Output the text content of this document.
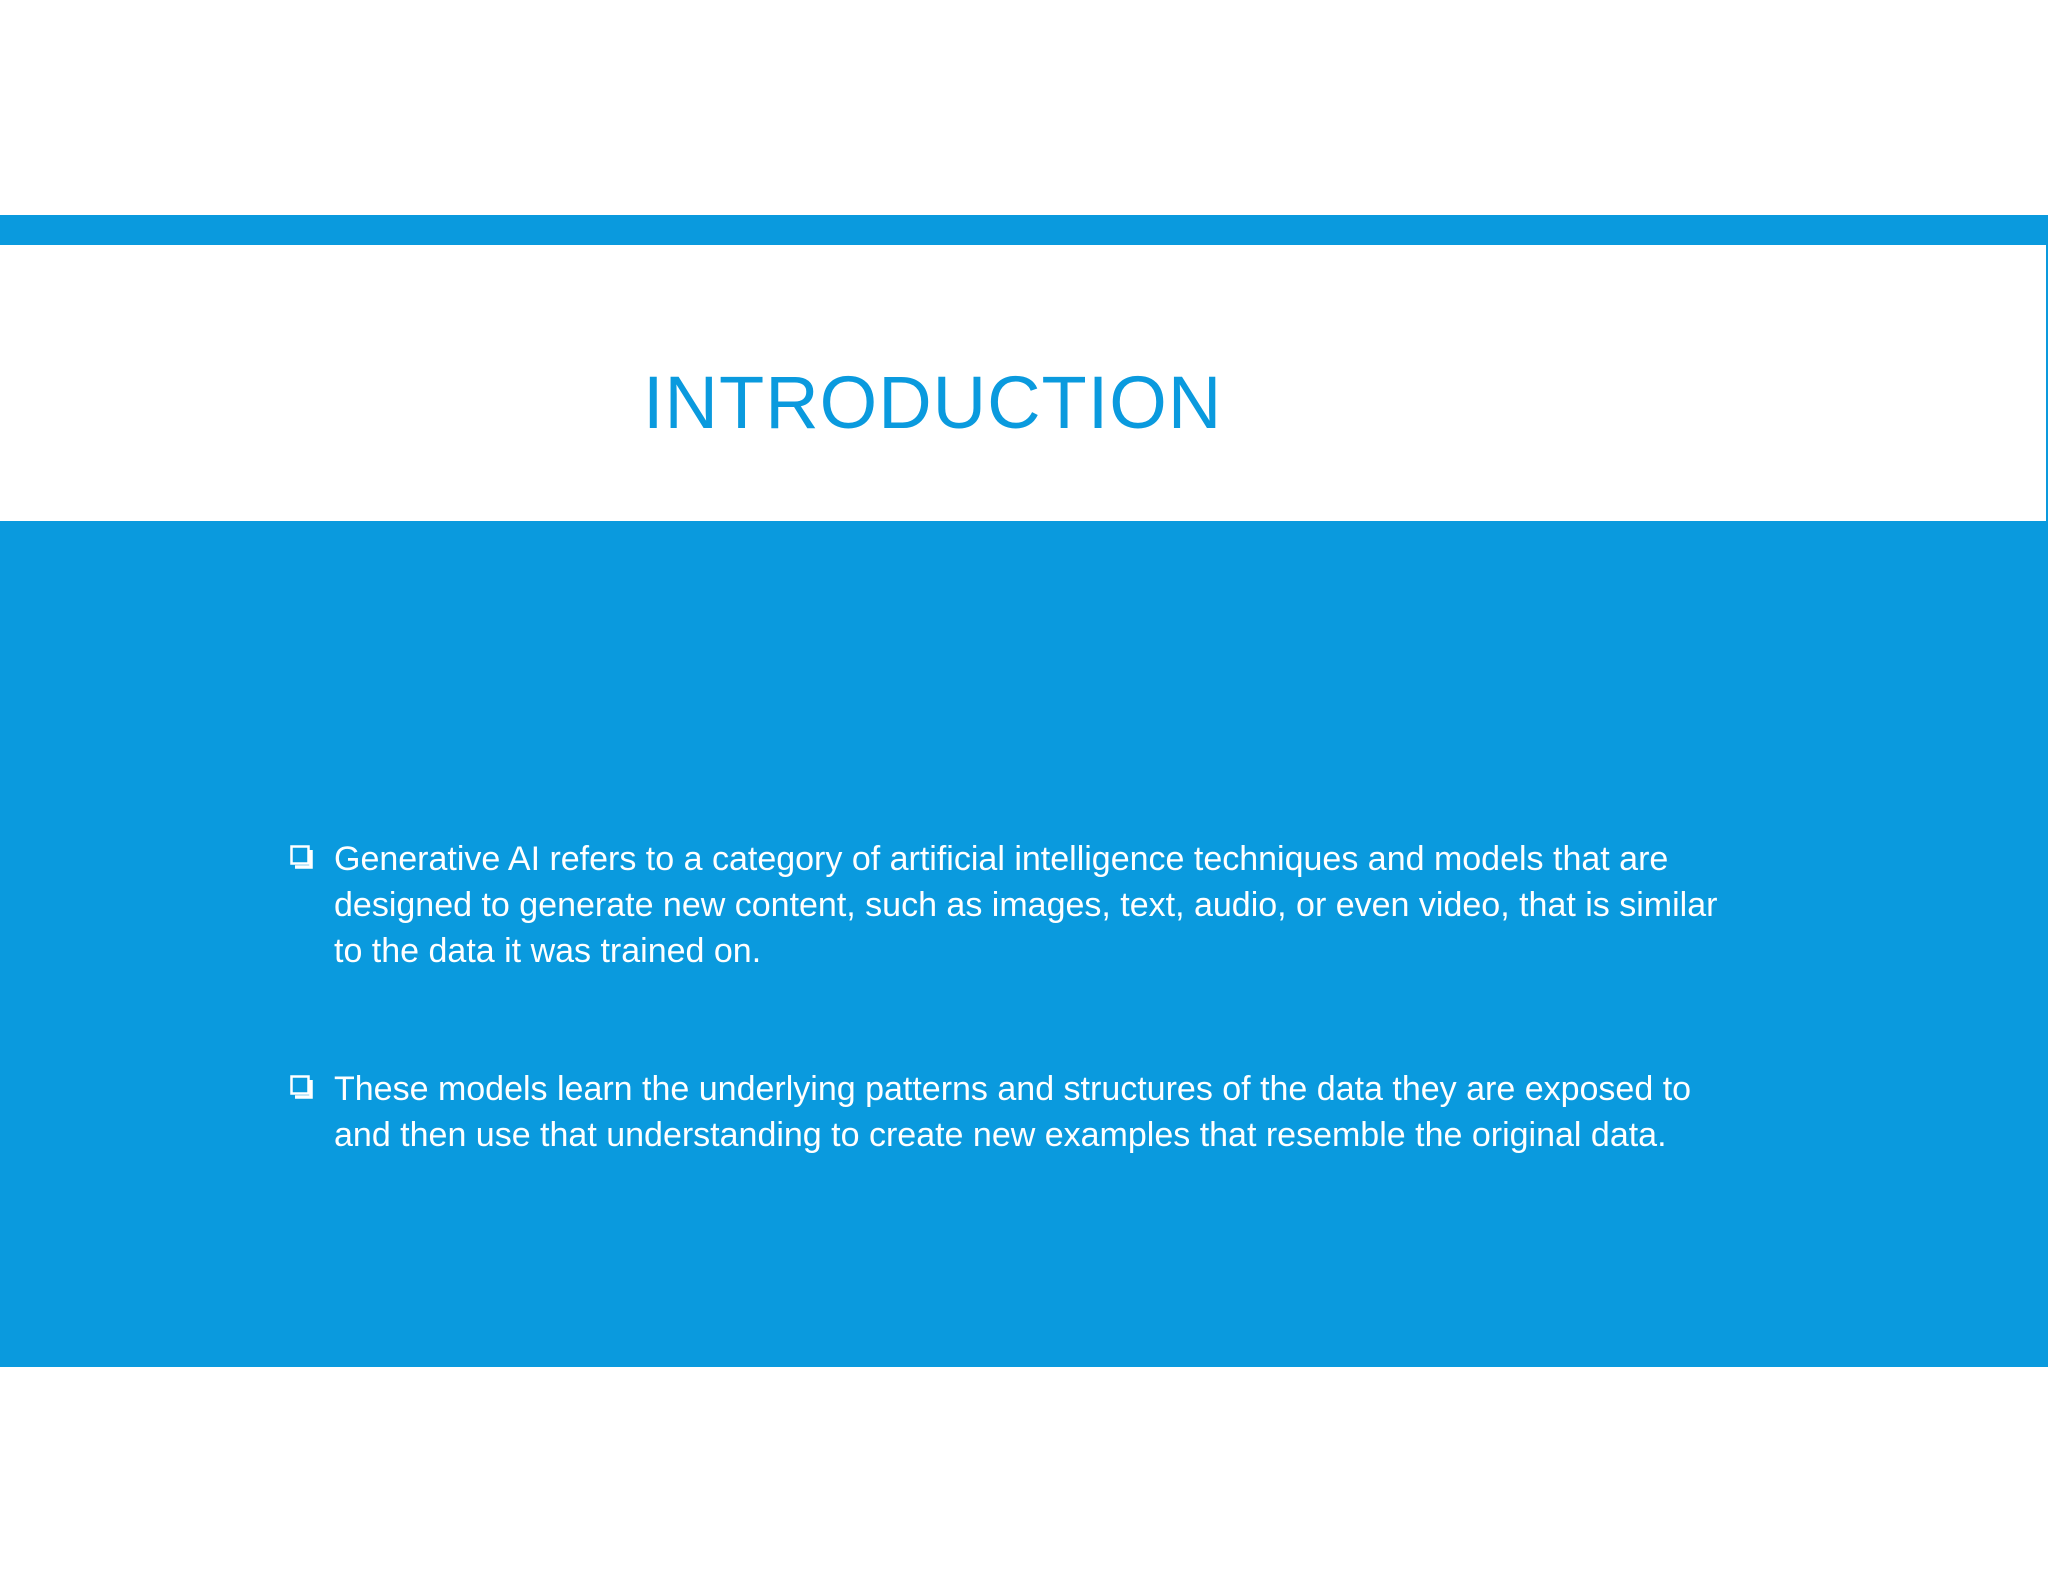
INTRODUCTION
Generative AI refers to a category of artificial intelligence techniques and models that are designed to generate new content, such as images, text, audio, or even video, that is similar to the data it was trained on.
These models learn the underlying patterns and structures of the data they are exposed to and then use that understanding to create new examples that resemble the original data.
